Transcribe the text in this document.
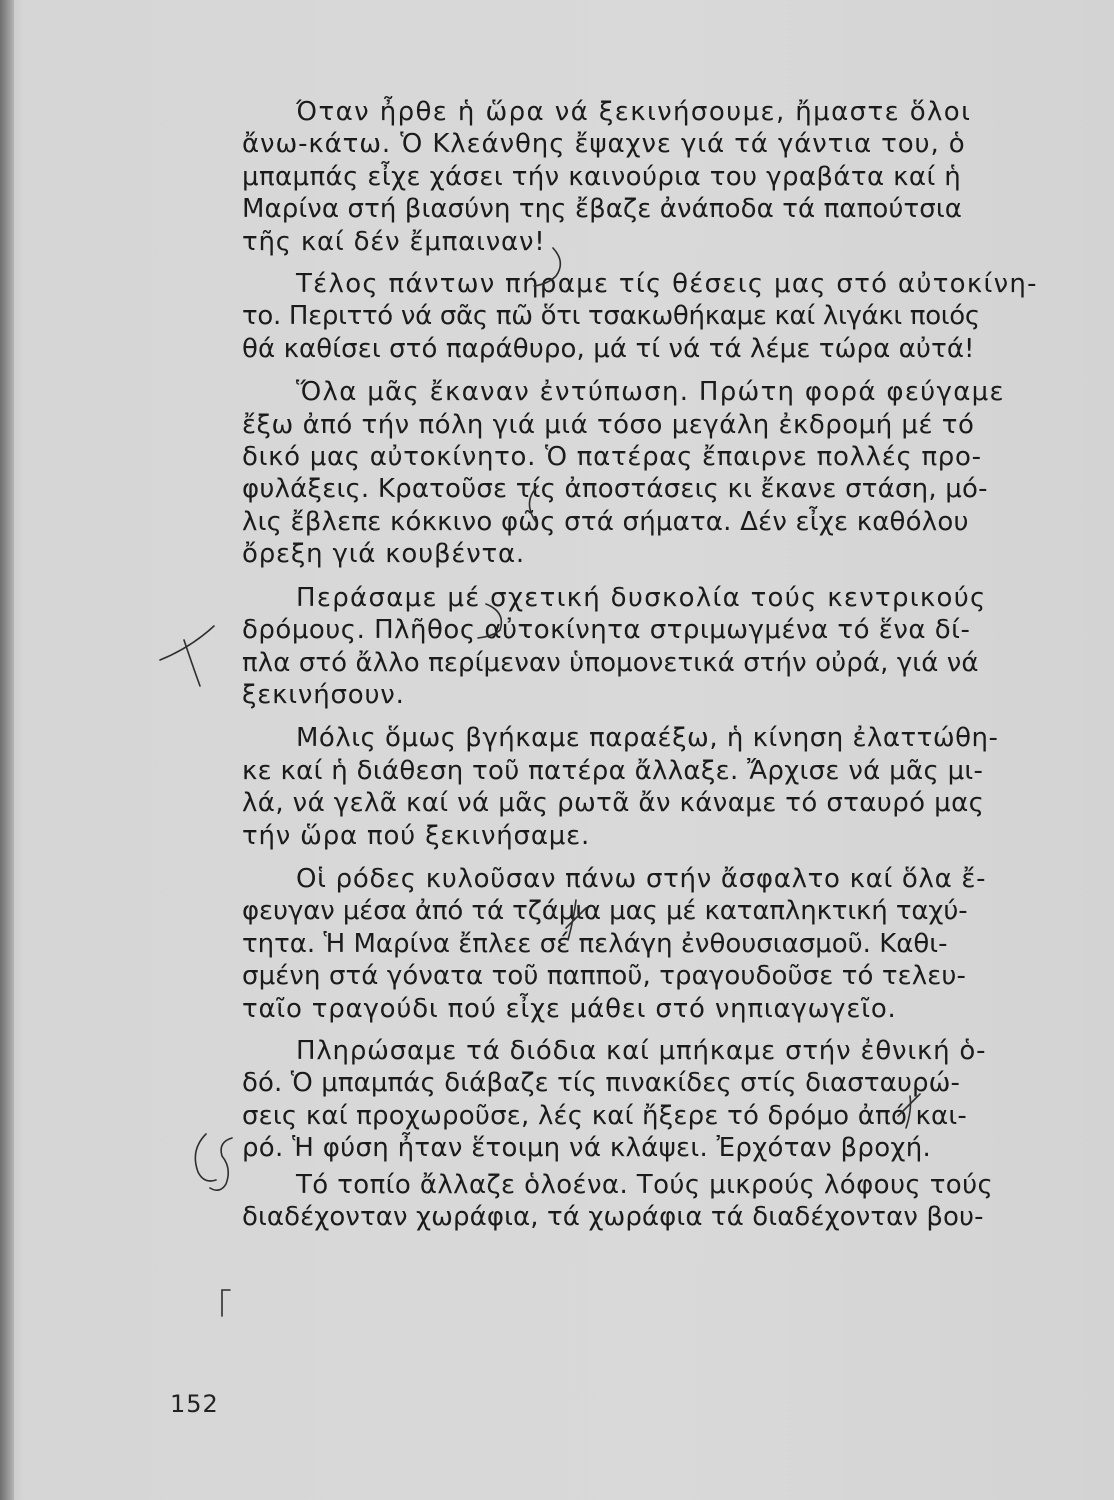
Όταν ἦρθε ἡ ὥρα νά ξεκινήσουμε, ἤμαστε ὅλοι
ἄνω-κάτω. Ὁ Κλεάνθης ἔψαχνε γιά τά γάντια του, ὁ
μπαμπάς εἶχε χάσει τήν καινούρια του γραβάτα καί ἡ
Μαρίνα στή βιασύνη της ἔβαζε ἀνάποδα τά παπούτσια
τῆς καί δέν ἔμπαιναν!

Τέλος πάντων πήραμε τίς θέσεις μας στό αὐτοκίνη-
το. Περιττό νά σᾶς πῶ ὅτι τσακωθήκαμε καί λιγάκι ποιός
θά καθίσει στό παράθυρο, μά τί νά τά λέμε τώρα αὐτά!

Ὅλα μᾶς ἔκαναν ἐντύπωση. Πρώτη φορά φεύγαμε
ἔξω ἀπό τήν πόλη γιά μιά τόσο μεγάλη ἐκδρομή μέ τό
δικό μας αὐτοκίνητο. Ὁ πατέρας ἔπαιρνε πολλές προ-
φυλάξεις. Κρατοῦσε τίς ἀποστάσεις κι ἔκανε στάση, μό-
λις ἔβλεπε κόκκινο φῶς στά σήματα. Δέν εἶχε καθόλου
ὄρεξη γιά κουβέντα.

Περάσαμε μέ σχετική δυσκολία τούς κεντρικούς
δρόμους. Πλῆθος αὐτοκίνητα στριμωγμένα τό ἕνα δί-
πλα στό ἄλλο περίμεναν ὑπομονετικά στήν οὐρά, γιά νά
ξεκινήσουν.

Μόλις ὅμως βγήκαμε παραέξω, ἡ κίνηση ἐλαττώθη-
κε καί ἡ διάθεση τοῦ πατέρα ἄλλαξε. Ἄρχισε νά μᾶς μι-
λά, νά γελᾶ καί νά μᾶς ρωτᾶ ἄν κάναμε τό σταυρό μας
τήν ὥρα πού ξεκινήσαμε.

Οἱ ρόδες κυλοῦσαν πάνω στήν ἄσφαλτο καί ὅλα ἔ-
φευγαν μέσα ἀπό τά τζάμια μας μέ καταπληκτική ταχύ-
τητα. Ἡ Μαρίνα ἔπλεε σέ πελάγη ἐνθουσιασμοῦ. Καθι-
σμένη στά γόνατα τοῦ παπποῦ, τραγουδοῦσε τό τελευ-
ταῖο τραγούδι πού εἶχε μάθει στό νηπιαγωγεῖο.

Πληρώσαμε τά διόδια καί μπήκαμε στήν ἐθνική ὁ-
δό. Ὁ μπαμπάς διάβαζε τίς πινακίδες στίς διασταυρώ-
σεις καί προχωροῦσε, λές καί ἤξερε τό δρόμο ἀπό και-
ρό. Ἡ φύση ἦταν ἕτοιμη νά κλάψει. Ἐρχόταν βροχή.

Τό τοπίο ἄλλαζε ὁλοένα. Τούς μικρούς λόφους τούς
διαδέχονταν χωράφια, τά χωράφια τά διαδέχονταν βου-

152
